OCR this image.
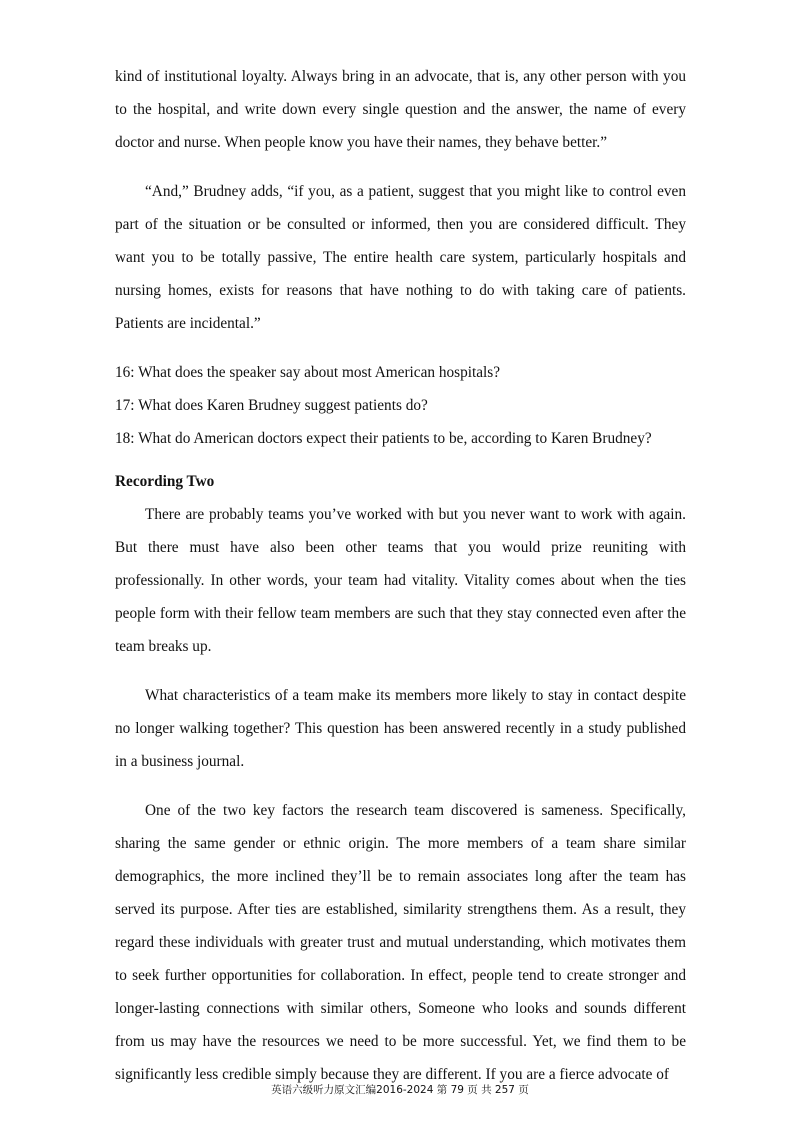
kind of institutional loyalty. Always bring in an advocate, that is, any other person with you to the hospital, and write down every single question and the answer, the name of every doctor and nurse. When people know you have their names, they behave better.”

“And,” Brudney adds, “if you, as a patient, suggest that you might like to control even part of the situation or be consulted or informed, then you are considered difficult. They want you to be totally passive, The entire health care system, particularly hospitals and nursing homes, exists for reasons that have nothing to do with taking care of patients. Patients are incidental.”

16: What does the speaker say about most American hospitals?

17: What does Karen Brudney suggest patients do?

18: What do American doctors expect their patients to be, according to Karen Brudney?

Recording Two

There are probably teams you’ve worked with but you never want to work with again. But there must have also been other teams that you would prize reuniting with professionally. In other words, your team had vitality. Vitality comes about when the ties people form with their fellow team members are such that they stay connected even after the team breaks up.

What characteristics of a team make its members more likely to stay in contact despite no longer walking together? This question has been answered recently in a study published in a business journal.

One of the two key factors the research team discovered is sameness. Specifically, sharing the same gender or ethnic origin. The more members of a team share similar demographics, the more inclined they’ll be to remain associates long after the team has served its purpose. After ties are established, similarity strengthens them. As a result, they regard these individuals with greater trust and mutual understanding, which motivates them to seek further opportunities for collaboration. In effect, people tend to create stronger and longer-lasting connections with similar others, Someone who looks and sounds different from us may have the resources we need to be more successful. Yet, we find them to be significantly less credible simply because they are different. If you are a fierce advocate of

英语六级听力原文汇编2016-2024 第 79 页 共 257 页
